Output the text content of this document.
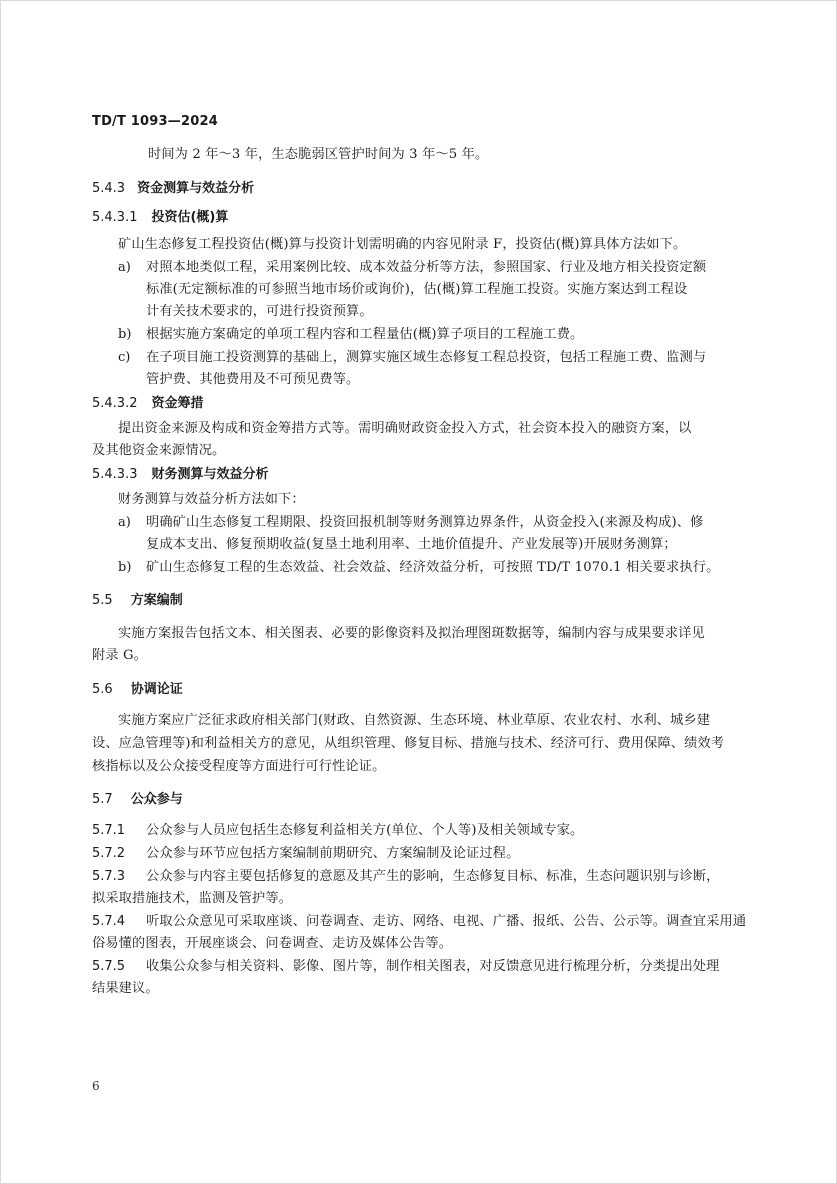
TD/T 1093—2024
时间为 2 年～3 年，生态脆弱区管护时间为 3 年～5 年。
5.4.3 资金测算与效益分析
5.4.3.1 投资估(概)算
矿山生态修复工程投资估(概)算与投资计划需明确的内容见附录 F，投资估(概)算具体方法如下。
a) 对照本地类似工程，采用案例比较、成本效益分析等方法，参照国家、行业及地方相关投资定额
标准(无定额标准的可参照当地市场价或询价)，估(概)算工程施工投资。实施方案达到工程设
计有关技术要求的，可进行投资预算。
b) 根据实施方案确定的单项工程内容和工程量估(概)算子项目的工程施工费。
c) 在子项目施工投资测算的基础上，测算实施区域生态修复工程总投资，包括工程施工费、监测与
管护费、其他费用及不可预见费等。
5.4.3.2 资金筹措
提出资金来源及构成和资金筹措方式等。需明确财政资金投入方式，社会资本投入的融资方案，以
及其他资金来源情况。
5.4.3.3 财务测算与效益分析
财务测算与效益分析方法如下：
a) 明确矿山生态修复工程期限、投资回报机制等财务测算边界条件，从资金投入(来源及构成)、修
复成本支出、修复预期收益(复垦土地利用率、土地价值提升、产业发展等)开展财务测算；
b) 矿山生态修复工程的生态效益、社会效益、经济效益分析，可按照 TD/T 1070.1 相关要求执行。
5.5 方案编制
实施方案报告包括文本、相关图表、必要的影像资料及拟治理图斑数据等，编制内容与成果要求详见
附录 G。
5.6 协调论证
实施方案应广泛征求政府相关部门(财政、自然资源、生态环境、林业草原、农业农村、水利、城乡建
设、应急管理等)和利益相关方的意见，从组织管理、修复目标、措施与技术、经济可行、费用保障、绩效考
核指标以及公众接受程度等方面进行可行性论证。
5.7 公众参与
5.7.1 公众参与人员应包括生态修复利益相关方(单位、个人等)及相关领域专家。
5.7.2 公众参与环节应包括方案编制前期研究、方案编制及论证过程。
5.7.3 公众参与内容主要包括修复的意愿及其产生的影响，生态修复目标、标准，生态问题识别与诊断，
拟采取措施技术，监测及管护等。
5.7.4 听取公众意见可采取座谈、问卷调查、走访、网络、电视、广播、报纸、公告、公示等。调查宜采用通
俗易懂的图表，开展座谈会、问卷调查、走访及媒体公告等。
5.7.5 收集公众参与相关资料、影像、图片等，制作相关图表，对反馈意见进行梳理分析，分类提出处理
结果建议。
6
